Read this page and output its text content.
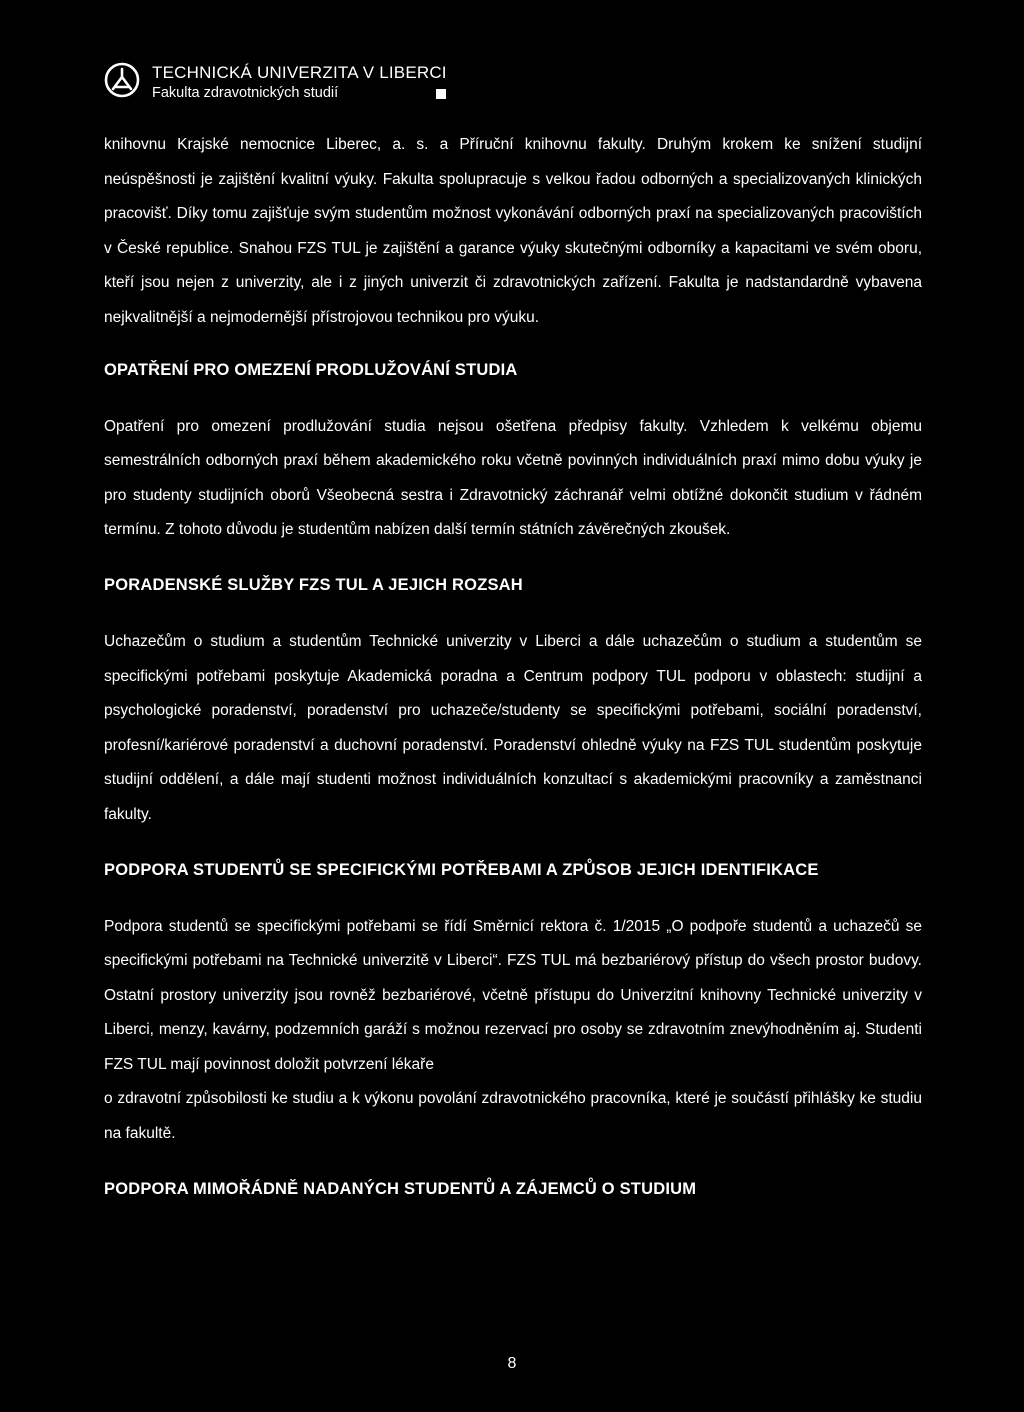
TECHNICKÁ UNIVERZITA V LIBERCI
Fakulta zdravotnických studií

knihovnu Krajské nemocnice Liberec, a. s. a Příruční knihovnu fakulty. Druhým krokem ke snížení studijní neúspěšnosti je zajištění kvalitní výuky. Fakulta spolupracuje s velkou řadou odborných a specializovaných klinických pracovišť. Díky tomu zajišťuje svým studentům možnost vykonávání odborných praxí na specializovaných pracovištích v České republice. Snahou FZS TUL je zajištění a garance výuky skutečnými odborníky a kapacitami ve svém oboru, kteří jsou nejen z univerzity, ale i z jiných univerzit či zdravotnických zařízení. Fakulta je nadstandardně vybavena nejkvalitnější a nejmodernější přístrojovou technikou pro výuku.

OPATŘENÍ PRO OMEZENÍ PRODLUŽOVÁNÍ STUDIA

Opatření pro omezení prodlužování studia nejsou ošetřena předpisy fakulty. Vzhledem k velkému objemu semestrálních odborných praxí během akademického roku včetně povinných individuálních praxí mimo dobu výuky je pro studenty studijních oborů Všeobecná sestra i Zdravotnický záchranář velmi obtížné dokončit studium v řádném termínu. Z tohoto důvodu je studentům nabízen další termín státních závěrečných zkoušek.

PORADENSKÉ SLUŽBY FZS TUL A JEJICH ROZSAH

Uchazečům o studium a studentům Technické univerzity v Liberci a dále uchazečům o studium a studentům se specifickými potřebami poskytuje Akademická poradna a Centrum podpory TUL podporu v oblastech: studijní a psychologické poradenství, poradenství pro uchazeče/studenty se specifickými potřebami, sociální poradenství, profesní/kariérové poradenství a duchovní poradenství. Poradenství ohledně výuky na FZS TUL studentům poskytuje studijní oddělení, a dále mají studenti možnost individuálních konzultací s akademickými pracovníky a zaměstnanci fakulty.

PODPORA STUDENTŮ SE SPECIFICKÝMI POTŘEBAMI A ZPŮSOB JEJICH IDENTIFIKACE

Podpora studentů se specifickými potřebami se řídí Směrnicí rektora č. 1/2015 „O podpoře studentů a uchazečů se specifickými potřebami na Technické univerzitě v Liberci“. FZS TUL má bezbariérový přístup do všech prostor budovy. Ostatní prostory univerzity jsou rovněž bezbariérové, včetně přístupu do Univerzitní knihovny Technické univerzity v Liberci, menzy, kavárny, podzemních garáží s možnou rezervací pro osoby se zdravotním znevýhodněním aj. Studenti FZS TUL mají povinnost doložit potvrzení lékaře

o zdravotní způsobilosti ke studiu a k výkonu povolání zdravotnického pracovníka, které je součástí přihlášky ke studiu na fakultě.

PODPORA MIMOŘÁDNĚ NADANÝCH STUDENTŮ A ZÁJEMCŮ O STUDIUM
8
